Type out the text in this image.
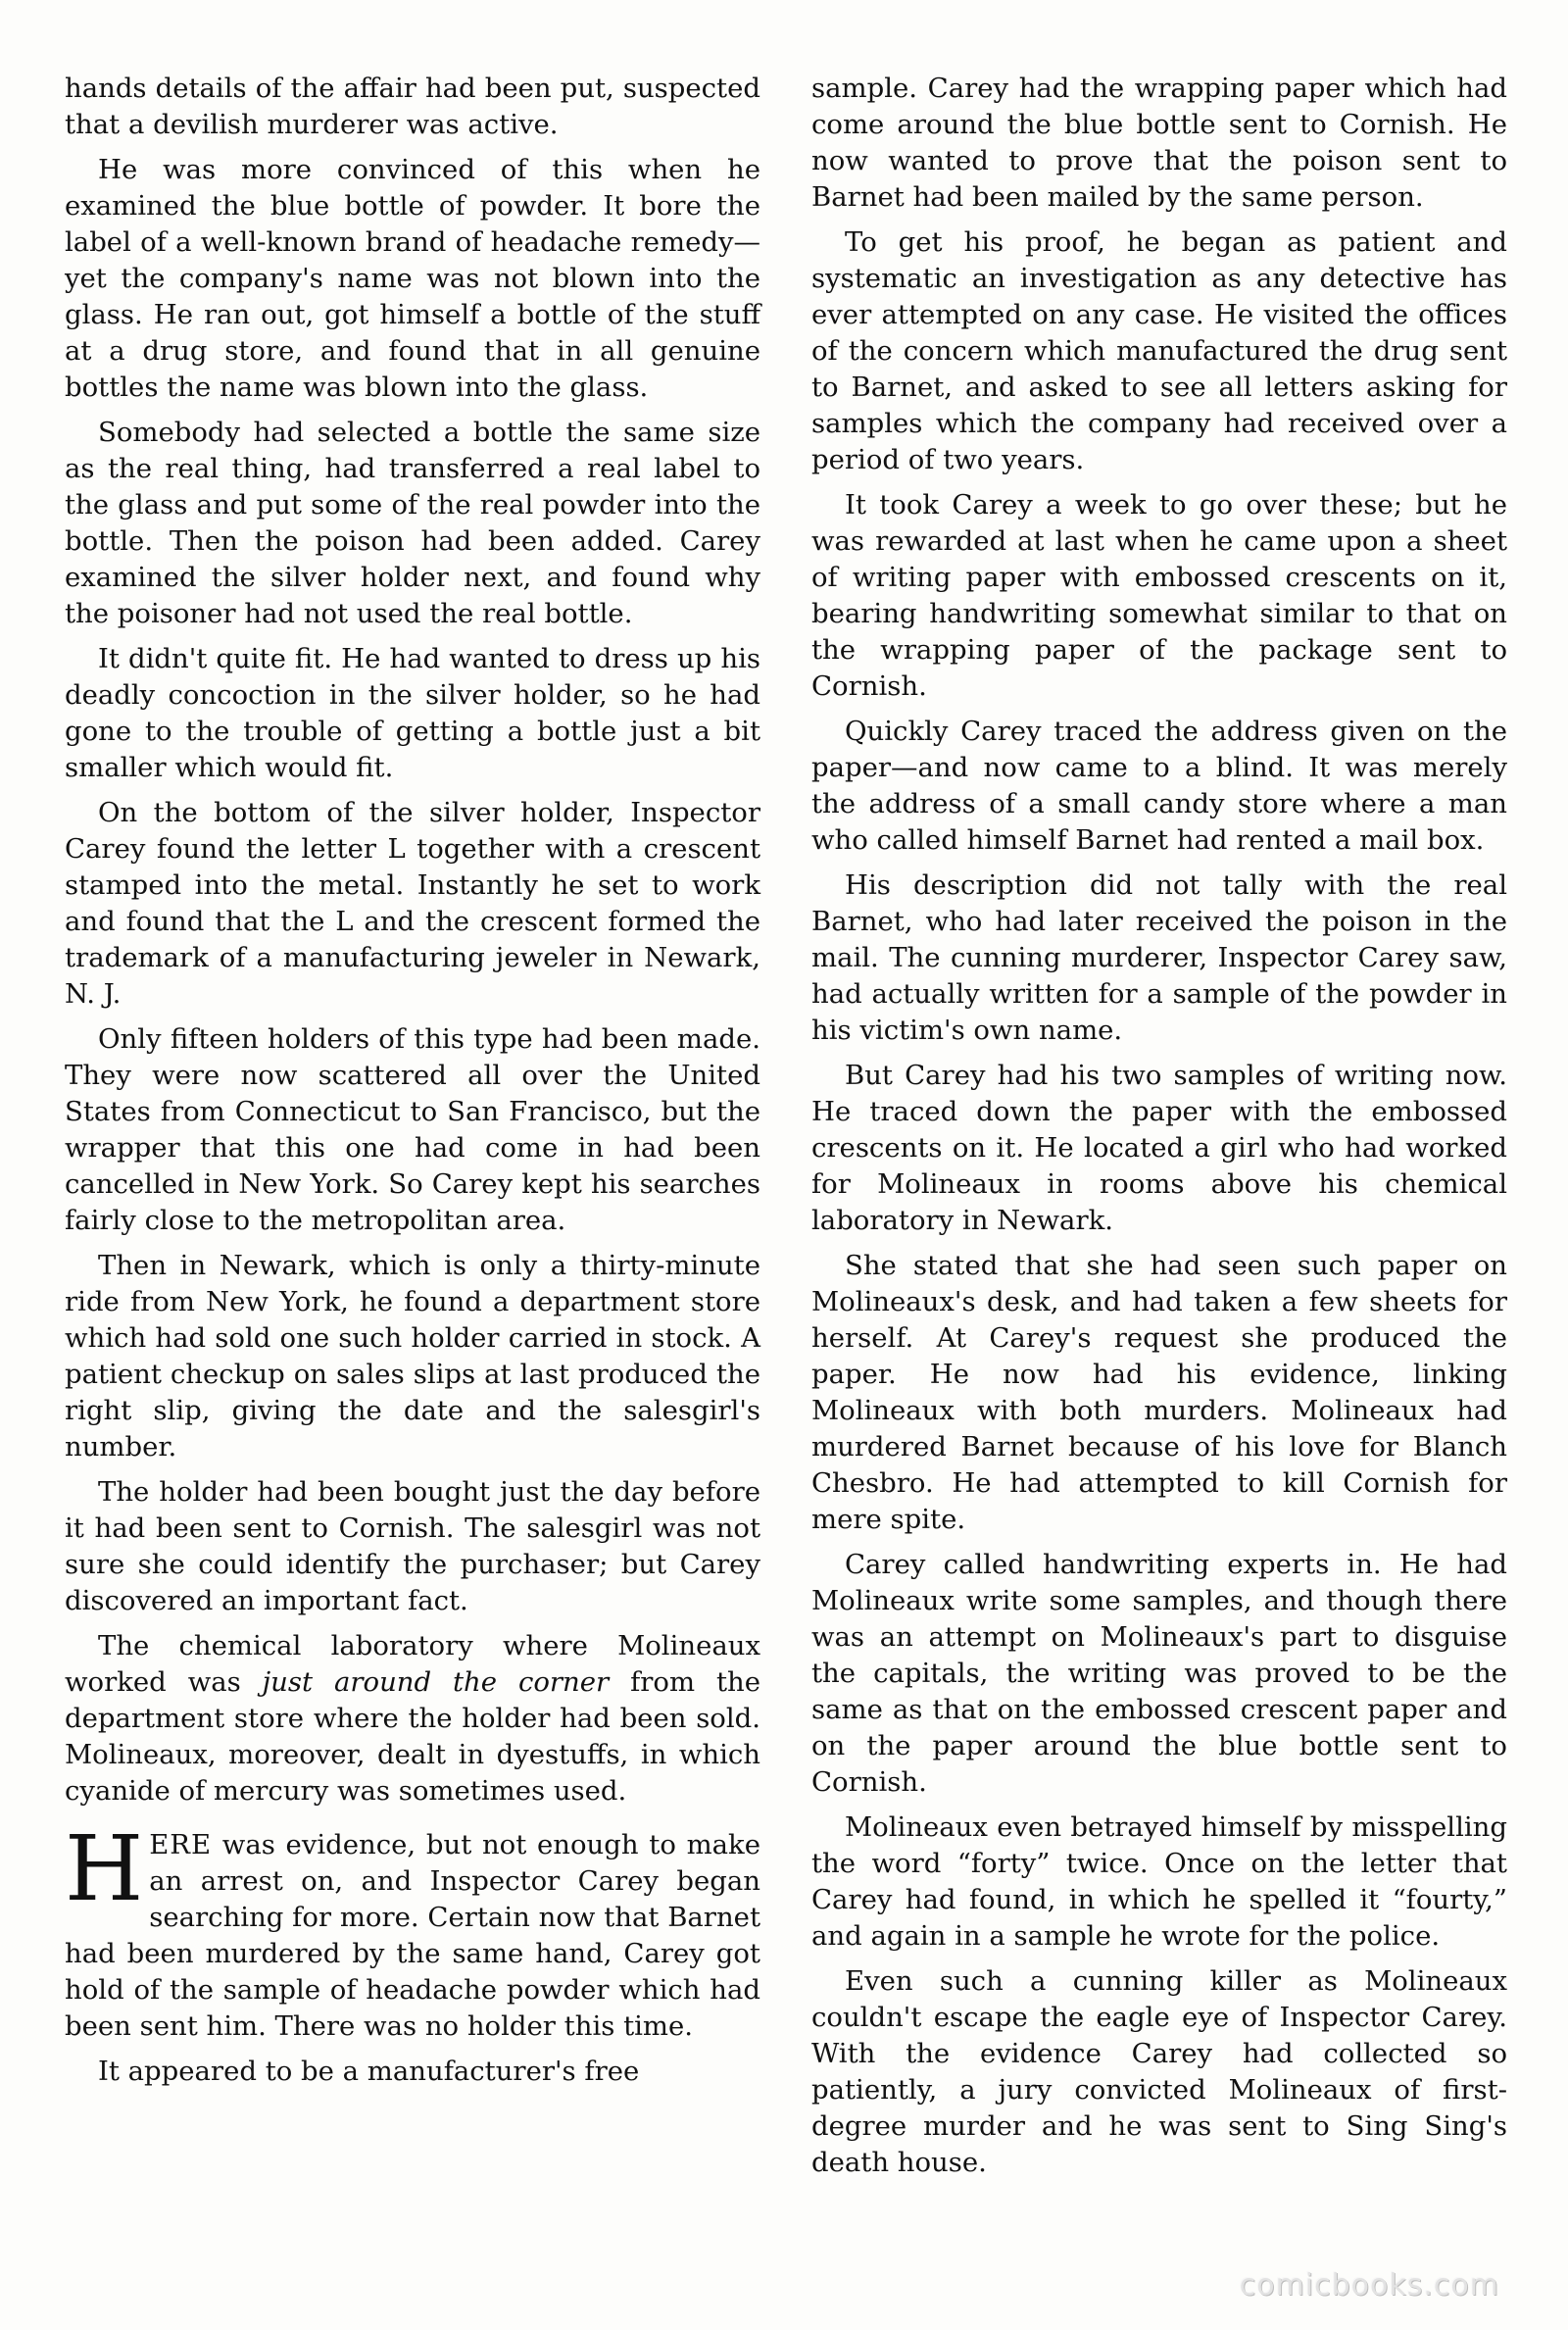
hands details of the affair had been put, suspected that a devilish murderer was active.

He was more convinced of this when he examined the blue bottle of powder. It bore the label of a well-known brand of headache remedy—yet the company's name was not blown into the glass. He ran out, got himself a bottle of the stuff at a drug store, and found that in all genuine bottles the name was blown into the glass.

Somebody had selected a bottle the same size as the real thing, had transferred a real label to the glass and put some of the real powder into the bottle. Then the poison had been added. Carey examined the silver holder next, and found why the poisoner had not used the real bottle.

It didn't quite fit. He had wanted to dress up his deadly concoction in the silver holder, so he had gone to the trouble of getting a bottle just a bit smaller which would fit.

On the bottom of the silver holder, Inspector Carey found the letter L together with a crescent stamped into the metal. Instantly he set to work and found that the L and the crescent formed the trademark of a manufacturing jeweler in Newark, N. J.

Only fifteen holders of this type had been made. They were now scattered all over the United States from Connecticut to San Francisco, but the wrapper that this one had come in had been cancelled in New York. So Carey kept his searches fairly close to the metropolitan area.

Then in Newark, which is only a thirty-minute ride from New York, he found a department store which had sold one such holder carried in stock. A patient checkup on sales slips at last produced the right slip, giving the date and the salesgirl's number.

The holder had been bought just the day before it had been sent to Cornish. The salesgirl was not sure she could identify the purchaser; but Carey discovered an important fact.

The chemical laboratory where Molineaux worked was just around the corner from the department store where the holder had been sold. Molineaux, moreover, dealt in dyestuffs, in which cyanide of mercury was sometimes used.

HERE was evidence, but not enough to make an arrest on, and Inspector Carey began searching for more. Certain now that Barnet had been murdered by the same hand, Carey got hold of the sample of headache powder which had been sent him. There was no holder this time.

It appeared to be a manufacturer's free

sample. Carey had the wrapping paper which had come around the blue bottle sent to Cornish. He now wanted to prove that the poison sent to Barnet had been mailed by the same person.

To get his proof, he began as patient and systematic an investigation as any detective has ever attempted on any case. He visited the offices of the concern which manufactured the drug sent to Barnet, and asked to see all letters asking for samples which the company had received over a period of two years.

It took Carey a week to go over these; but he was rewarded at last when he came upon a sheet of writing paper with embossed crescents on it, bearing handwriting somewhat similar to that on the wrapping paper of the package sent to Cornish.

Quickly Carey traced the address given on the paper—and now came to a blind. It was merely the address of a small candy store where a man who called himself Barnet had rented a mail box.

His description did not tally with the real Barnet, who had later received the poison in the mail. The cunning murderer, Inspector Carey saw, had actually written for a sample of the powder in his victim's own name.

But Carey had his two samples of writing now. He traced down the paper with the embossed crescents on it. He located a girl who had worked for Molineaux in rooms above his chemical laboratory in Newark.

She stated that she had seen such paper on Molineaux's desk, and had taken a few sheets for herself. At Carey's request she produced the paper. He now had his evidence, linking Molineaux with both murders. Molineaux had murdered Barnet because of his love for Blanch Chesbro. He had attempted to kill Cornish for mere spite.

Carey called handwriting experts in. He had Molineaux write some samples, and though there was an attempt on Molineaux's part to disguise the capitals, the writing was proved to be the same as that on the embossed crescent paper and on the paper around the blue bottle sent to Cornish.

Molineaux even betrayed himself by misspelling the word “forty” twice. Once on the letter that Carey had found, in which he spelled it “fourty,” and again in a sample he wrote for the police.

Even such a cunning killer as Molineaux couldn't escape the eagle eye of Inspector Carey. With the evidence Carey had collected so patiently, a jury convicted Molineaux of first-degree murder and he was sent to Sing Sing's death house.

comicbooks.com
